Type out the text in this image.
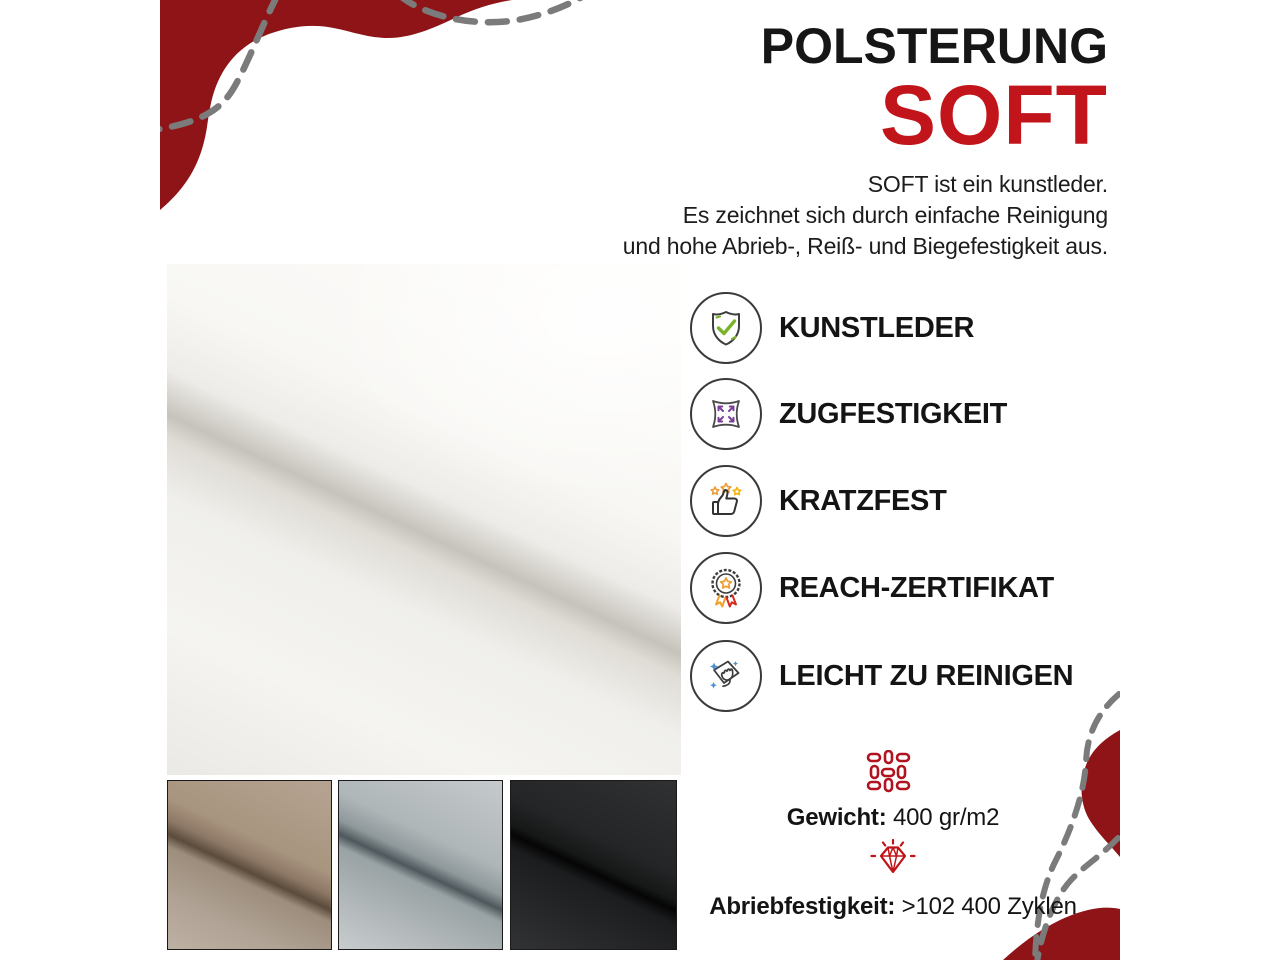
POLSTERUNG
SOFT
SOFT ist ein kunstleder.
Es zeichnet sich durch einfache Reinigung
und hohe Abrieb-, Reiß- und Biegefestigkeit aus.
KUNSTLEDER
ZUGFESTIGKEIT
KRATZFEST
REACH-ZERTIFIKAT
LEICHT ZU REINIGEN
Gewicht: 400 gr/m2
Abriebfestigkeit: >102 400 Zyklen
